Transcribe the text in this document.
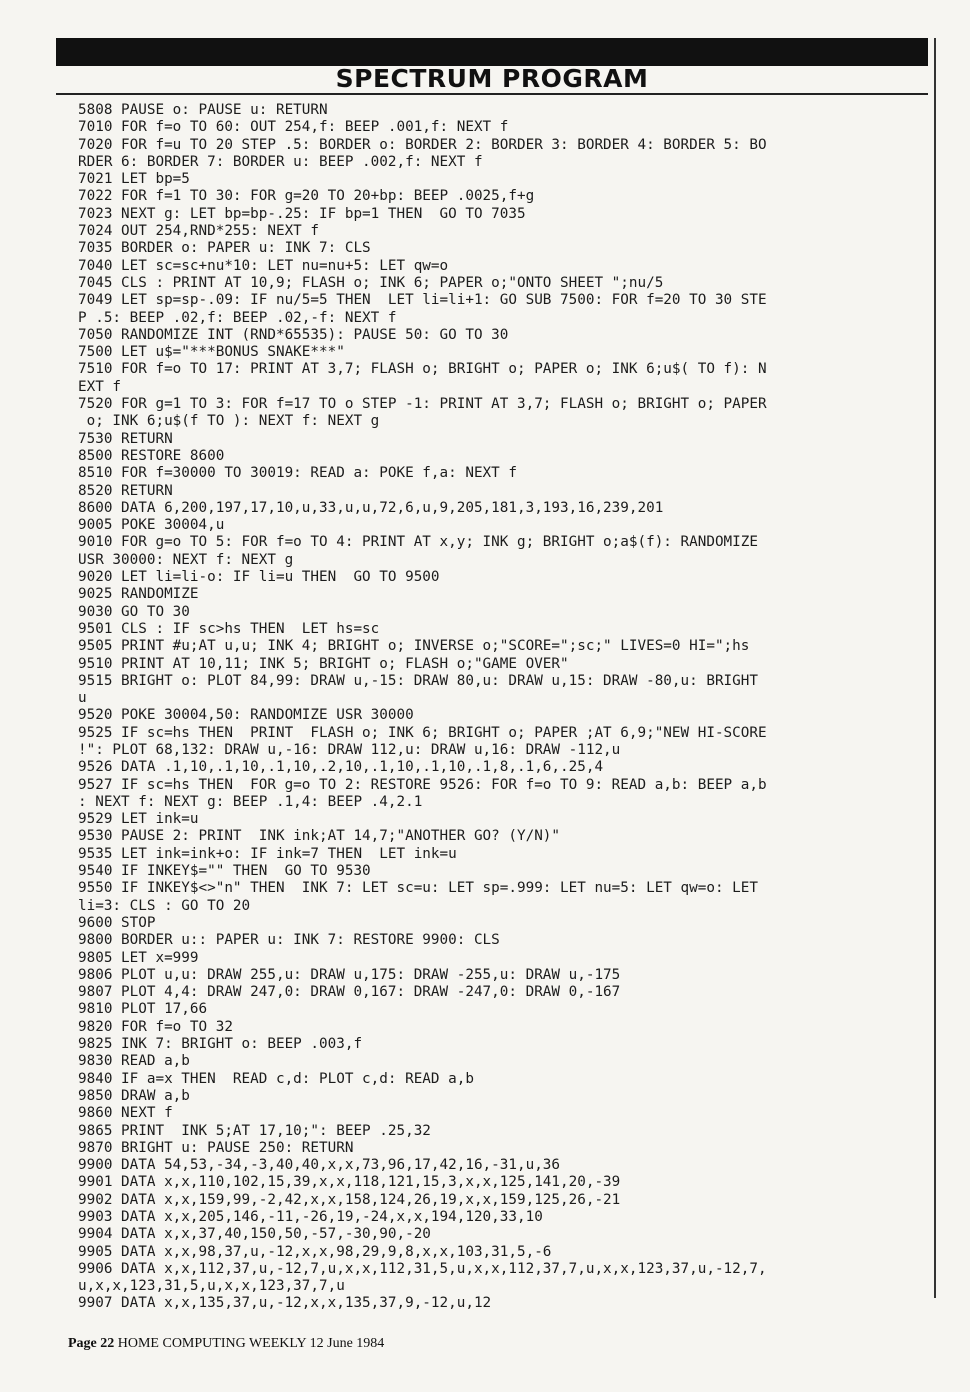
SPECTRUM PROGRAM
5808 PAUSE o: PAUSE u: RETURN
7010 FOR f=o TO 60: OUT 254,f: BEEP .001,f: NEXT f
7020 FOR f=u TO 20 STEP .5: BORDER o: BORDER 2: BORDER 3: BORDER 4: BORDER 5: BO
RDER 6: BORDER 7: BORDER u: BEEP .002,f: NEXT f
7021 LET bp=5
7022 FOR f=1 TO 30: FOR g=20 TO 20+bp: BEEP .0025,f+g
7023 NEXT g: LET bp=bp-.25: IF bp=1 THEN  GO TO 7035
7024 OUT 254,RND*255: NEXT f
7035 BORDER o: PAPER u: INK 7: CLS
7040 LET sc=sc+nu*10: LET nu=nu+5: LET qw=o
7045 CLS : PRINT AT 10,9; FLASH o; INK 6; PAPER o;"ONTO SHEET ";nu/5
7049 LET sp=sp-.09: IF nu/5=5 THEN  LET li=li+1: GO SUB 7500: FOR f=20 TO 30 STE
P .5: BEEP .02,f: BEEP .02,-f: NEXT f
7050 RANDOMIZE INT (RND*65535): PAUSE 50: GO TO 30
7500 LET u$="***BONUS SNAKE***"
7510 FOR f=o TO 17: PRINT AT 3,7; FLASH o; BRIGHT o; PAPER o; INK 6;u$( TO f): N
EXT f
7520 FOR g=1 TO 3: FOR f=17 TO o STEP -1: PRINT AT 3,7; FLASH o; BRIGHT o; PAPER
o; INK 6;u$(f TO ): NEXT f: NEXT g
7530 RETURN
8500 RESTORE 8600
8510 FOR f=30000 TO 30019: READ a: POKE f,a: NEXT f
8520 RETURN
8600 DATA 6,200,197,17,10,u,33,u,u,72,6,u,9,205,181,3,193,16,239,201
9005 POKE 30004,u
9010 FOR g=o TO 5: FOR f=o TO 4: PRINT AT x,y; INK g; BRIGHT o;a$(f): RANDOMIZE
USR 30000: NEXT f: NEXT g
9020 LET li=li-o: IF li=u THEN  GO TO 9500
9025 RANDOMIZE
9030 GO TO 30
9501 CLS : IF sc>hs THEN  LET hs=sc
9505 PRINT #u;AT u,u; INK 4; BRIGHT o; INVERSE o;"SCORE=";sc;" LIVES=0 HI=";hs
9510 PRINT AT 10,11; INK 5; BRIGHT o; FLASH o;"GAME OVER"
9515 BRIGHT o: PLOT 84,99: DRAW u,-15: DRAW 80,u: DRAW u,15: DRAW -80,u: BRIGHT
u
9520 POKE 30004,50: RANDOMIZE USR 30000
9525 IF sc=hs THEN  PRINT  FLASH o; INK 6; BRIGHT o; PAPER ;AT 6,9;"NEW HI-SCORE
!": PLOT 68,132: DRAW u,-16: DRAW 112,u: DRAW u,16: DRAW -112,u
9526 DATA .1,10,.1,10,.1,10,.2,10,.1,10,.1,10,.1,8,.1,6,.25,4
9527 IF sc=hs THEN  FOR g=o TO 2: RESTORE 9526: FOR f=o TO 9: READ a,b: BEEP a,b
: NEXT f: NEXT g: BEEP .1,4: BEEP .4,2.1
9529 LET ink=u
9530 PAUSE 2: PRINT  INK ink;AT 14,7;"ANOTHER GO? (Y/N)"
9535 LET ink=ink+o: IF ink=7 THEN  LET ink=u
9540 IF INKEY$="" THEN  GO TO 9530
9550 IF INKEY$<>"n" THEN  INK 7: LET sc=u: LET sp=.999: LET nu=5: LET qw=o: LET
li=3: CLS : GO TO 20
9600 STOP
9800 BORDER u:: PAPER u: INK 7: RESTORE 9900: CLS
9805 LET x=999
9806 PLOT u,u: DRAW 255,u: DRAW u,175: DRAW -255,u: DRAW u,-175
9807 PLOT 4,4: DRAW 247,0: DRAW 0,167: DRAW -247,0: DRAW 0,-167
9810 PLOT 17,66
9820 FOR f=o TO 32
9825 INK 7: BRIGHT o: BEEP .003,f
9830 READ a,b
9840 IF a=x THEN  READ c,d: PLOT c,d: READ a,b
9850 DRAW a,b
9860 NEXT f
9865 PRINT  INK 5;AT 17,10;": BEEP .25,32
9870 BRIGHT u: PAUSE 250: RETURN
9900 DATA 54,53,-34,-3,40,40,x,x,73,96,17,42,16,-31,u,36
9901 DATA x,x,110,102,15,39,x,x,118,121,15,3,x,x,125,141,20,-39
9902 DATA x,x,159,99,-2,42,x,x,158,124,26,19,x,x,159,125,26,-21
9903 DATA x,x,205,146,-11,-26,19,-24,x,x,194,120,33,10
9904 DATA x,x,37,40,150,50,-57,-30,90,-20
9905 DATA x,x,98,37,u,-12,x,x,98,29,9,8,x,x,103,31,5,-6
9906 DATA x,x,112,37,u,-12,7,u,x,x,112,31,5,u,x,x,112,37,7,u,x,x,123,37,u,-12,7,
u,x,x,123,31,5,u,x,x,123,37,7,u
9907 DATA x,x,135,37,u,-12,x,x,135,37,9,-12,u,12
Page 22 HOME COMPUTING WEEKLY 12 June 1984
